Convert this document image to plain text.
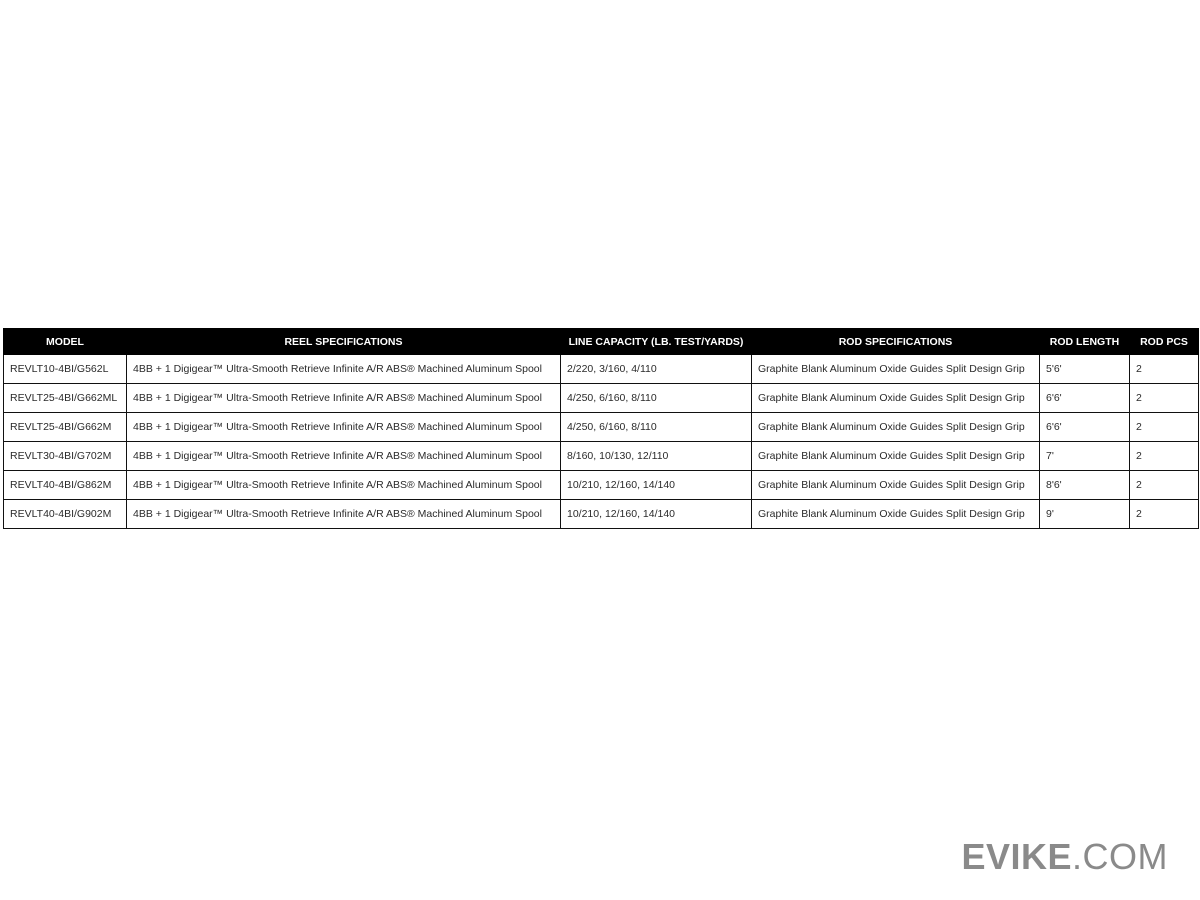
MODEL	REEL SPECIFICATIONS	LINE CAPACITY (LB. TEST/YARDS)	ROD SPECIFICATIONS	ROD LENGTH	ROD PCS
REVLT10-4BI/G562L	4BB + 1 Digigear™ Ultra-Smooth Retrieve Infinite A/R ABS® Machined Aluminum Spool	2/220, 3/160, 4/110	Graphite Blank Aluminum Oxide Guides Split Design Grip	5'6'	2
REVLT25-4BI/G662ML	4BB + 1 Digigear™ Ultra-Smooth Retrieve Infinite A/R ABS® Machined Aluminum Spool	4/250, 6/160, 8/110	Graphite Blank Aluminum Oxide Guides Split Design Grip	6'6'	2
REVLT25-4BI/G662M	4BB + 1 Digigear™ Ultra-Smooth Retrieve Infinite A/R ABS® Machined Aluminum Spool	4/250, 6/160, 8/110	Graphite Blank Aluminum Oxide Guides Split Design Grip	6'6'	2
REVLT30-4BI/G702M	4BB + 1 Digigear™ Ultra-Smooth Retrieve Infinite A/R ABS® Machined Aluminum Spool	8/160, 10/130, 12/110	Graphite Blank Aluminum Oxide Guides Split Design Grip	7'	2
REVLT40-4BI/G862M	4BB + 1 Digigear™ Ultra-Smooth Retrieve Infinite A/R ABS® Machined Aluminum Spool	10/210, 12/160, 14/140	Graphite Blank Aluminum Oxide Guides Split Design Grip	8'6'	2
REVLT40-4BI/G902M	4BB + 1 Digigear™ Ultra-Smooth Retrieve Infinite A/R ABS® Machined Aluminum Spool	10/210, 12/160, 14/140	Graphite Blank Aluminum Oxide Guides Split Design Grip	9'	2
EVIKE.COM
